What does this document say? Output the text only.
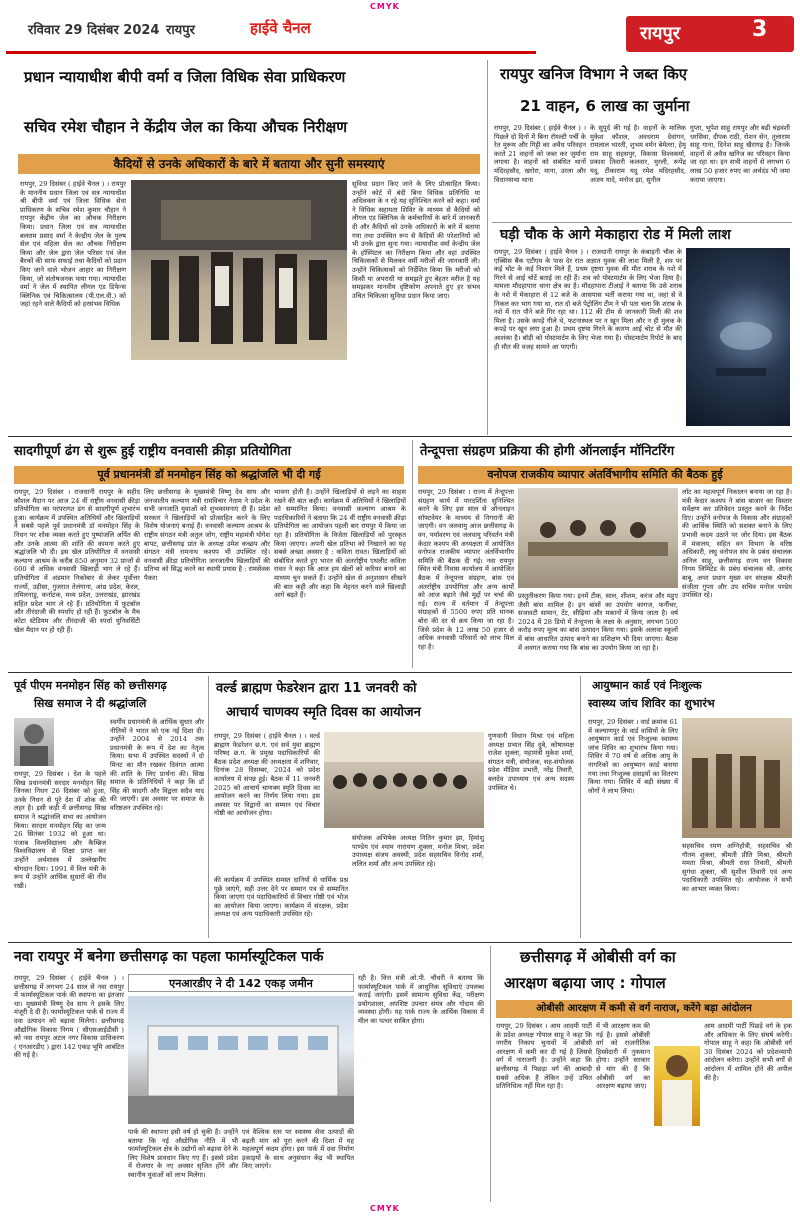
CMYK
CMYK
रविवार 29 दिसंबर 2024 रायपुर	हाईवे चैनल	रायपुर	3
प्रधान न्यायाधीश बीपी वर्मा व जिला विधिक सेवा प्राधिकरण
सचिव रमेश चौहान ने केंद्रीय जेल का किया औचक निरीक्षण
कैदियों से उनके अधिकारों के बारे में बताया और सुनी समस्याएं
रायपुर, 29 दिसंबर ( हाईवे चैनल ) । रायपुर के माननीय प्रधान जिला एवं सत्र न्यायाधीश श्री बीपी वर्मा एवं जिला विधिक सेवा प्राधिकरण के सचिव रमेश कुमार चौहान ने रायपुर केंद्रीय जेल का औचक निरीक्षण किया। प्रधान जिला एवं सत्र न्यायाधीश बलराम प्रसाद वर्मा ने केन्द्रीय जेल के पुरुष सेल एवं महिला सेल का औचक निरीक्षण किया और जेल द्वारा जेल परिसर एवं जेल बैरकों की साफ सफाई तथा कैदियों को प्रदान किए जाने वाले भोजन आहार का निरीक्षण किया, जो संतोषजनक पाया गया। न्यायाधीश वर्मा ने जेल में स्थापित लीगल एड डिफेन्स क्लिनिक एवं चिकित्सालय (पी.एल.वी.) को जहां रहने वाले कैदियों को हरसंभव विधिक
सुविधा प्रदान किए जाने के लिए प्रोत्साहित किया। उन्होंने कोर्ट में बंदी बिना विधिक प्रतिनिधि या अधिवक्ता के न रहे यह सुनिश्चित करने को कहा। वर्मा ने विधिक सहायता शिविर के माध्यम से कैदियों को लीगल एड क्लिनिक के कर्मचारियों के बारे में जानकारी दी और कैदियों को उनके अधिकारों के बारे में बताया गया तथा उपस्थित रूप से कैदियों की परेशानियों को भी उनके द्वारा सुना गया। न्यायाधीश वर्मा केन्द्रीय जेल के हॉस्पिटल का निरीक्षण किया और वहां उपस्थित चिकित्सकों से मिलकर वर्मी मरीजों की जानकारी ली। उन्होंने चिकित्सकों को निर्देशित किया कि मरीजों को किसी या अपराधी या समझते हुए बेहतर मरीज है यह समझकर मानवीय दृष्टिकोण अपनाते हुए हर संभव उचित चिकित्सा सुविधा प्रदान किया जाए।
रायपुर खनिज विभाग ने जब्त किए
21 वाहन, 6 लाख का जुर्माना
रायपुर, 29 दिसंबर ( हाईवे चैनल ) । पिछले दो दिनों में बिना रॉयल्टी पर्ची के रेत मुरूम और गिट्टी का अवैध परिवहन करते 21 वाहनों को जब्त कर जुर्माना लगाया है। वाहनों को संबंधित थानों मंदिरहसौद, खरोरा, माना, उरला और विधानसभा थाना
के सुपुर्द की गई है। वाहनों के मालिक मुकेश कौशल, अवधराम देवांगन, रामलाल भारती, शुभम वर्मन बेमेतरा, हेमू राम साहू सहसपुर, विकास विश्वकर्मा, प्रकाश तिवारी कलवार, मुरली, रूपेंद्र यदु, टीकाराम यदु रमेश मंदिरहसौद, अजय यादे, मनोज झा, सुनील
गुप्ता, भूपेश साहू रायपुर और बढी चंद्रवंशी धरसिवा, दीपक राठी, रोशन सेन, तुलाराम साहू गाना, दिनेश साहू खैरागढ़ हैं। जिनके वाहनों से अवैध खनिज का परिवहन किया जा रहा था। इन सभी वाहनों से लगभग 6 लाख 50 हजार रुपए का अर्थदंड भी जमा कराया जाएगा।
घड़ी चौक के आगे मेकाहारा रोड में मिली लाश
रायपुर, 29 दिसंबर ( हाईवे चैनल ) । राजधानी रायपुर के कंबाइनी चौक के एक्सिस बैंक एटीएम के पास देर रात अज्ञात युवक की लाश मिली है, शव पर कई चोट के कई निशान मिले हैं, प्रथम दृष्टया युवक की मौत शराब के नशे में गिरने से आई चोटें बताई जा रही हैं। शव को पोस्टमार्टम के लिए भेजा दिया है। मामला मौदहापारा थाना क्षेत्र का है। मौदहापारा टीआई ने बताया कि उसे शराब के नशे में मेकाहारा से 12 बजे के आसपास भर्ती कराया गया था, जहां से वे निकल कर भाग गया था, रात दो बजे पेट्रोलिंग टीम ने भी पता चला कि शराब के नशे में रात पौने बजे गिर रहा था। 112 की टीम से जानकारी मिली की शव मिला है। उसके कपड़े गीले थे, फटनास्थल पर न खून मिला और न ही मुलक के कपड़े पर खून लगा हुआ है। प्रथम दृष्टया गिरने के कारण आई चोट से मौत की आशंका है। बॉडी को पोस्टमार्टम के लिए भेजा गया है। पोस्टमार्टम रिपोर्ट के बाद ही मौत की वजह सामने आ पाएगी।
सादगीपूर्ण ढंग से शुरू हुई राष्ट्रीय वनवासी क्रीड़ा प्रतियोगिता
पूर्व प्रधानमंत्री डॉ मनमोहन सिंह को श्रद्धांजलि भी दी गई
रायपुर, 29 दिसंबर । राजधानी रायपुर के सहीद कौशल मैदान पर आज 24 वीं राष्ट्रीय वनवासी क्रीड़ा प्रतियोगिता का परंपरागत ढंग से सादगीपूर्ण शुभारंभ हुआ। कार्यक्रम में उपस्थित अतिथियों और खिलाड़ियों ने सबसे पहले पूर्व प्रधानमंत्री डॉ मनमोहन सिंह के निधन पर शोक व्यक्त करते हुए पुष्पांजलि अर्पित की और उनके आत्मा की शांति की कामना करते हुए श्रद्धांजलि भी दी। इस खेल प्रतियोगिता में वनवासी कल्याण आश्रम के करीब 850 अनुमान 32 प्रान्तों से 600 से अधिक वनवासी खिलाड़ी भाग ले रहे हैं। प्रतियोगिता में अंडमान निकोबार से लेकर पूर्वोत्तर राज्यों, उड़ीसा, गुजरात तेलंगाना, आंध्र प्रदेश, केरल, तमिलनाडु, कर्नाटक, मध्य प्रदेश, उत्तराखंड, झारखंड सहित प्रदेश भाग ले रहे हैं। प्रतियोगिता में फुटबॉल और तीरंदाजी की स्पर्धाएं हो रही हैं। फुटबॉल के मैच कोटा स्टेडियम और तीरंदाजी की स्पर्धा युनिवर्सिटी खेल मैदान पर हो रही हैं।
लिए छत्तीसगढ़ के मुख्यमंत्री विष्णु देव साय और जनजातीय कल्याण मंत्री रामविचार नेताम ने प्रदेश के सभी जनजाति युवाओं को शुभकामनाएं दी हैं। प्रदेश सरकार ने खिलाड़ियों को प्रोत्साहित करने के लिए विशेष योजनाएं बनाई हैं। वनवासी कल्याण आश्रम के राष्ट्रीय संगठन मंत्री अतुल जोग, राष्ट्रीय महामंत्री योगेश बापट, छत्तीसगढ़ प्रांत के अध्यक्ष उमेश कच्छप और संगठन मंत्री रामनाथ कश्यप भी उपस्थित रहे। वनवासी क्रीड़ा प्रतियोगिता जनजातीय खिलाड़ियों की प्रतिभा को सिद्ध करने का स्थायी प्रयास है : रामसेवक पैकरा
भावना होती है। उन्होंने खिलाड़ियों से लड़ने का साहस रखने की बात कही। कार्यक्रम में अतिथियों ने खिलाड़ियों को सम्मानित किया। वनवासी कल्याण आश्रम के पदाधिकारियों ने बताया कि 24 वीं राष्ट्रीय वनवासी क्रीड़ा प्रतियोगिता का आयोजन पहली बार रायपुर में किया जा रहा है। प्रतियोगिता के विजेता खिलाड़ियों को पुरस्कृत किया जाएगा। अपनी खेल प्रतिभा को निखारने का यह सबसे अच्छा अवसर है : कविता रावत। खिलाड़ियों को संबोधित करते हुए भारत की अंतर्राष्ट्रीय एथलीट कविता रावत ने कहा कि आज हम खेलों को करियर बनाने का माध्यम चुन सकते हैं। उन्होंने खेल से अनुशासन सीखने की बात कही और कहा कि मेहनत करने वाले खिलाड़ी आगे बढ़ते हैं।
तेन्दूपत्ता संग्रहण प्रक्रिया की होगी ऑनलाईन मॉनिटरिंग
वनोपज राजकीय व्यापार अंतर्विभागीय समिति की बैठक हुई
रायपुर, 29 दिसंबर । राज्य में तेन्दूपत्ता संग्रहण कार्य में पारदर्शिता सुनिश्चित करने के लिए इस साल से ऑनलाइन सॉफ्टवेयर के माध्यम से निगरानी की जाएगी। वन जलवायु आज छत्तीसगढ़ के वन, पर्यावरण एवं जलवायु परिवर्तन मंत्री केदार कश्यप की अध्यक्षता में आयोजित वनोपज राजकीय व्यापार अंतर्विभागीय समिति की बैठक दी गई। नवा रायपुर स्थित मंत्री निवास कार्यालय में आयोजित बैठक में तेन्दूपत्ता संग्रहण, बांस एवं अंतर्राष्ट्रीय उपयोगिता और अन्य कार्यों को आज बढ़ाने जैसे मुद्दों पर चर्चा की गई। राज्य में वर्तमान में तेन्दूपत्ता संग्राहकों से 5500 रुपए प्रति मानक बोरा की दर से क्रय किया जा रहा है। जिसे प्रदेश के 12 लाख 50 हजार से अधिक वनवासी परिवारों को लाभ मिल रहा है।
प्रस्तुतीकरण किया गया। इनमें टीक, साल, शीशम, करंज और महुए जैसी बांस शामिल है। इन बांसों का उपयोग कागज, फर्नीचर, सजावटी सामान, टेंट, सीढ़ियां और मकानों में किया जाता है। वर्ष 2024 में 28 डिपो में तेन्दूपत्ता के लक्ष्य के अनुसार, लगभग 500 करोड़ रुपए मूल्य का बांस उत्पादन किया गया। इसके अलावा स्कूलों में बांस आधारित उत्पाद बनाने का प्रशिक्षण भी दिया जाएगा। बैठक में अवगत कराया गया कि बांस का उपयोग किया जा रहा है।
लॉट का महत्वपूर्ण निकालन बनाया जा रहा है। मंत्री केदार कश्यप ने बांस बाजार का विस्तार सर्वेक्षण कर प्रतिवेदन प्रस्तुत करने के निर्देश दिए। उन्होंने वनोपज के विकास और संग्राहकों की आर्थिक स्थिति को सशक्त बनाने के लिए प्रभावी कदम उठाने पर जोर दिया। इस बैठक में मंत्रालय, सहित वन विभाग के वरिष्ठ अधिकारी, लघु वनोपज संघ के प्रबंध संचालक अनिल साहू, छत्तीसगढ़ राज्य वन विकास निगम लिमिटेड के प्रबंध संचालक श्री. आनंद बाबू, अपर प्रधान मुख्य वन संरक्षक श्रीमती संजीता गुप्ता और उप सचिव मनोज पण्डेय उपस्थित रहे।
पूर्व पीएम मनमोहन सिंह को छत्तीसगढ़
सिख समाज ने दी श्रद्धांजलि
रायपुर, 29 दिसंबर । देश के पहले सिख प्रधानमंत्री सरदार मनमोहन सिंह जिनका निधन 26 दिसंबर को हुआ, उनके निधन से पूरे देश में शोक की लहर है। इसी कड़ी में छत्तीसगढ़ सिख समाज ने श्रद्धांजलि सभा का आयोजन किया। सरदार मनमोहन सिंह का जन्म 26 सितंबर 1932 को हुआ था। पंजाब विश्वविद्यालय और कैम्ब्रिज विश्वविद्यालय से शिक्षा प्राप्त कर उन्होंने अर्थशास्त्र में उल्लेखनीय योगदान दिया। 1991 में वित्त मंत्री के रूप में उन्होंने आर्थिक सुधारों की नींव रखी।
स्वर्गीय प्रधानमंत्री के आर्थिक सुधार और नीतियों ने भारत को एक नई दिशा दी। उन्होंने 2004 से 2014 तक प्रधानमंत्री के रूप में देश का नेतृत्व किया। सभा में उपस्थित सदस्यों ने दो मिनट का मौन रखकर दिवंगत आत्मा की शांति के लिए प्रार्थना की। सिख समाज के प्रतिनिधियों ने कहा कि डॉ सिंह की सादगी और विद्वत्ता सदैव याद की जाएगी। इस अवसर पर समाज के वरिष्ठजन उपस्थित रहे।
वर्ल्ड ब्राह्मण फेडरेशन द्वारा 11 जनवरी को
आचार्य चाणक्य स्मृति दिवस का आयोजन
रायपुर, 29 दिसंबर ( हाईवे चैनल ) । वर्ल्ड ब्राह्मण फेडरेशन छ.ग. एवं सर्व युवा ब्राह्मण परिषद छ.ग. के प्रमुख पदाधिकारियों की बैठक प्रदेश अध्यक्ष की अध्यक्षता में शनिवार, दिनांक 28 दिसम्बर, 2024 को प्रदेश कार्यालय में संपन्न हुई। बैठक में 11 जनवरी 2025 को आचार्य चाणक्य स्मृति दिवस का आयोजन करने का निर्णय लिया गया। इस अवसर पर विद्वानों का सम्मान एवं विचार गोष्ठी का आयोजन होगा।
गुणवानी विधान मिश्रा एवं महिला अध्यक्ष प्रभात सिंह दुबे, कोषाध्यक्ष राजेश शुक्ला, महामंत्री मुकेश शर्मा, संगठन मंत्री, संयोजक, सह-संयोजक प्रदेश मीडिया प्रभारी, नरेंद्र तिवारी, बलदेव उपाध्याय एवं अन्य सदस्य उपस्थित थे।
की कार्यक्रम में उपस्थित समस्त दानियों से धार्मिक प्रश्न पूछे जाएंगे, सही उत्तर देने पर सम्मान पत्र से सम्मानित किया जाएगा एवं पदाधिकारियों से विचार गोष्ठी एवं भोज का आयोजन किया जाएगा। कार्यक्रम में संरक्षक, प्रदेश अध्यक्ष एवं अन्य पदाधिकारी उपस्थित रहे।
संयोजक अभिषेक अध्यक्ष नितिन कुमार झा, हिमांशु पाण्डेय एवं श्याम नारायण शुक्ला, मनोज मिश्रा, प्रदेश उपाध्यक्ष संजय अवस्थी, प्रदेश सहसचिव विनोद शर्मा, ललित शर्मा और अन्य उपस्थित रहे।
आयुष्मान कार्ड एवं निःशुल्क
स्वास्थ्य जांच शिविर का शुभारंभ
रायपुर, 29 दिसंबर । वार्ड क्रमांक 61 में कल्याणपुर के वार्ड वासियों के लिए आयुष्मान कार्ड एवं निःशुल्क स्वास्थ्य जांच शिविर का शुभारंभ किया गया। शिविर में 70 वर्ष से अधिक आयु के नागरिकों का आयुष्मान कार्ड बनाया गया तथा निःशुल्क दवाइयों का वितरण किया गया। शिविर में बड़ी संख्या में लोगों ने लाभ लिया।
सहसचिव रमण अग्निहोत्री, सहसचिव श्री गौतम शुक्ला, श्रीमती प्रीति मिश्रा, श्रीमती ममता मिश्रा, श्रीमती राधा तिवारी, श्रीमती सुगंधा शुक्ला, श्री सुशील तिवारी एवं अन्य पदाधिकारी उपस्थित रहे। आयोजक ने सभी का आभार व्यक्त किया।
नवा रायपुर में बनेगा छत्तीसगढ़ का पहला फार्मास्यूटिकल पार्क
रायपुर, 29 दिसंबर ( हाईवे चैनल ) । छत्तीसगढ़ में लगभग 24 साल से नवा रायपुर में फार्मास्यूटिकल पार्क की स्थापना का इंतजार था। मुख्यमंत्री विष्णु देव साय ने इसके लिए मंजूरी दे दी है। फार्मास्यूटिकल पार्क से राज्य में दवा उत्पादन को बढ़ावा मिलेगा। छत्तीसगढ़ औद्योगिक विकास निगम ( सीएसआईडीसी ) को नवा रायपुर अटल नगर विकास प्राधिकरण ( एनआरडीए ) द्वारा 142 एकड़ भूमि आबंटित की गई है।
एनआरडीए ने दी 142 एकड़ जमीन	रही है। वित्त मंत्री ओ.पी. चौधरी ने बताया कि फार्मास्यूटिकल पार्क में आधुनिक सुविधाएं उपलब्ध कराई जाएंगी। इसमें सामान्य सुविधा केंद्र, परीक्षण प्रयोगशाला, अपशिष्ट उपचार संयंत्र और गोदाम की व्यवस्था होगी। यह पार्क राज्य के आर्थिक विकास में मील का पत्थर साबित होगा।
पार्क की स्थापना इसी वर्ष हो चुकी है। उन्होंने बताया कि नई औद्योगिक नीति में भी फार्मास्यूटिकल क्षेत्र के उद्योगों को बढ़ावा देने के लिए विशेष प्रावधान किए गए हैं। इससे प्रदेश में रोजगार के नए अवसर सृजित होंगे और स्थानीय युवाओं को लाभ मिलेगा।
एवं वैश्विक स्तर पर स्वास्थ्य सेवा उत्पादों की बढ़ती मांग को पूरा करने की दिशा में यह महत्वपूर्ण कदम होगा। इस पार्क में दवा निर्माण इकाइयों के साथ अनुसंधान केंद्र भी स्थापित किए जाएंगे।
छत्तीसगढ़ में ओबीसी वर्ग का
आरक्षण बढ़ाया जाए : गोपाल
ओबीसी आरक्षण में कमी से वर्ग नाराज, करेंगे बड़ा आंदोलन
रायपुर, 29 दिसंबर । आम आदमी पार्टी के प्रदेश अध्यक्ष गोपाल साहू ने कहा कि नगरीय निकाय चुनावों में ओबीसी आरक्षण में कमी कर दी गई है जिससे वर्ग में नाराजगी है। उन्होंने कहा कि छत्तीसगढ़ में पिछड़ा वर्ग की आबादी सबसे अधिक है लेकिन उन्हें उचित प्रतिनिधित्व नहीं मिल रहा है।
में भी आरक्षण कम की गई है। इससे ओबीसी वर्ग को राजनीतिक हिस्सेदारी में नुकसान होगा। उन्होंने सरकार से मांग की है कि ओबीसी वर्ग का आरक्षण बढ़ाया जाए।
आम आदमी पार्टी पिछड़े वर्ग के हक और अधिकार के लिए संघर्ष करेगी। गोपाल साहू ने कहा कि ओबीसी वर्ग 30 दिसंबर 2024 को प्रदेशव्यापी आंदोलन करेगा। उन्होंने सभी वर्गों से आंदोलन में शामिल होने की अपील की है।
